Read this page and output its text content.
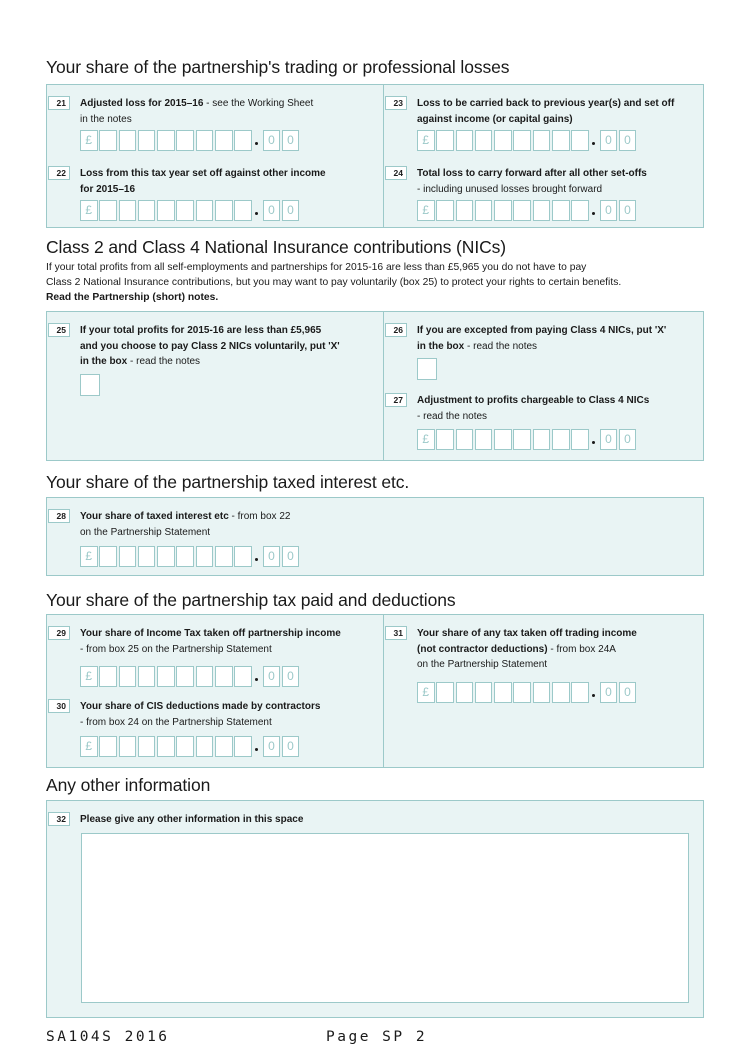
Your share of the partnership's trading or professional losses
21	Adjusted loss for 2015–16 - see the Working Sheet
in the notes
£	0	0
22	Loss from this tax year set off against other income
for 2015–16
£	0	0
23	Loss to be carried back to previous year(s) and set off
against income (or capital gains)
£	0	0
24	Total loss to carry forward after all other set-offs
- including unused losses brought forward
£	0	0
Class 2 and Class 4 National Insurance contributions (NICs)
If your total profits from all self-employments and partnerships for 2015-16 are less than £5,965 you do not have to pay
Class 2 National Insurance contributions, but you may want to pay voluntarily (box 25) to protect your rights to certain benefits.
Read the Partnership (short) notes.
25	If your total profits for 2015-16 are less than £5,965
and you choose to pay Class 2 NICs voluntarily, put 'X'
in the box - read the notes
26	If you are excepted from paying Class 4 NICs, put 'X'
in the box - read the notes
27	Adjustment to profits chargeable to Class 4 NICs
- read the notes
£	0	0
Your share of the partnership taxed interest etc.
28	Your share of taxed interest etc - from box 22
on the Partnership Statement
£	0	0
Your share of the partnership tax paid and deductions
29	Your share of Income Tax taken off partnership income
- from box 25 on the Partnership Statement
£	0	0
30	Your share of CIS deductions made by contractors
- from box 24 on the Partnership Statement
£	0	0
31	Your share of any tax taken off trading income
(not contractor deductions) - from box 24A
on the Partnership Statement
£	0	0
Any other information
32	Please give any other information in this space
SA104S 2016	Page SP 2
